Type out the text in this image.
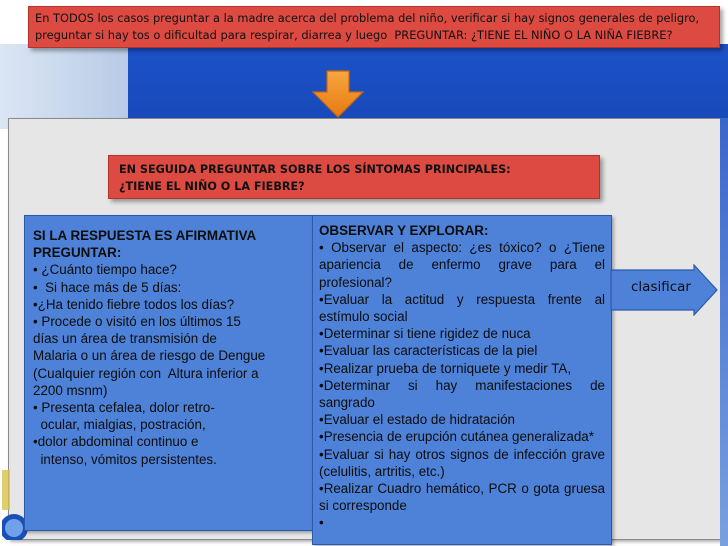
En TODOS los casos preguntar a la madre acerca del problema del niño, verificar si hay signos generales de peligro,
preguntar si hay tos o dificultad para respirar, diarrea y luego  PREGUNTAR: ¿TIENE EL NIÑO O LA NIÑA FIEBRE?
EN SEGUIDA PREGUNTAR SOBRE LOS SÍNTOMAS PRINCIPALES:
¿TIENE EL NIÑO O LA FIEBRE?
SI LA RESPUESTA ES AFIRMATIVA
PREGUNTAR:
• ¿Cuánto tiempo hace?
•  Si hace más de 5 días:
•¿Ha tenido fiebre todos los días?
• Procede o visitó en los últimos 15
días un área de transmisión de
Malaria o un área de riesgo de Dengue
(Cualquier región con  Altura inferior a
2200 msnm)
• Presenta cefalea, dolor retro-
ocular, mialgias, postración,
•dolor abdominal continuo e
intenso, vómitos persistentes.
OBSERVAR Y EXPLORAR:
• Observar el aspecto: ¿es tóxico? o ¿Tiene apariencia de enfermo grave para el profesional?
•Evaluar la actitud y respuesta frente al estímulo social
•Determinar si tiene rigidez de nuca
•Evaluar las características de la piel
•Realizar prueba de torniquete y medir TA,
•Determinar si hay manifestaciones de sangrado
•Evaluar el estado de hidratación
•Presencia de erupción cutánea generalizada*
•Evaluar si hay otros signos de infección grave (celulitis, artritis, etc.)
•Realizar Cuadro hemático, PCR o gota gruesa si corresponde
•
clasificar
